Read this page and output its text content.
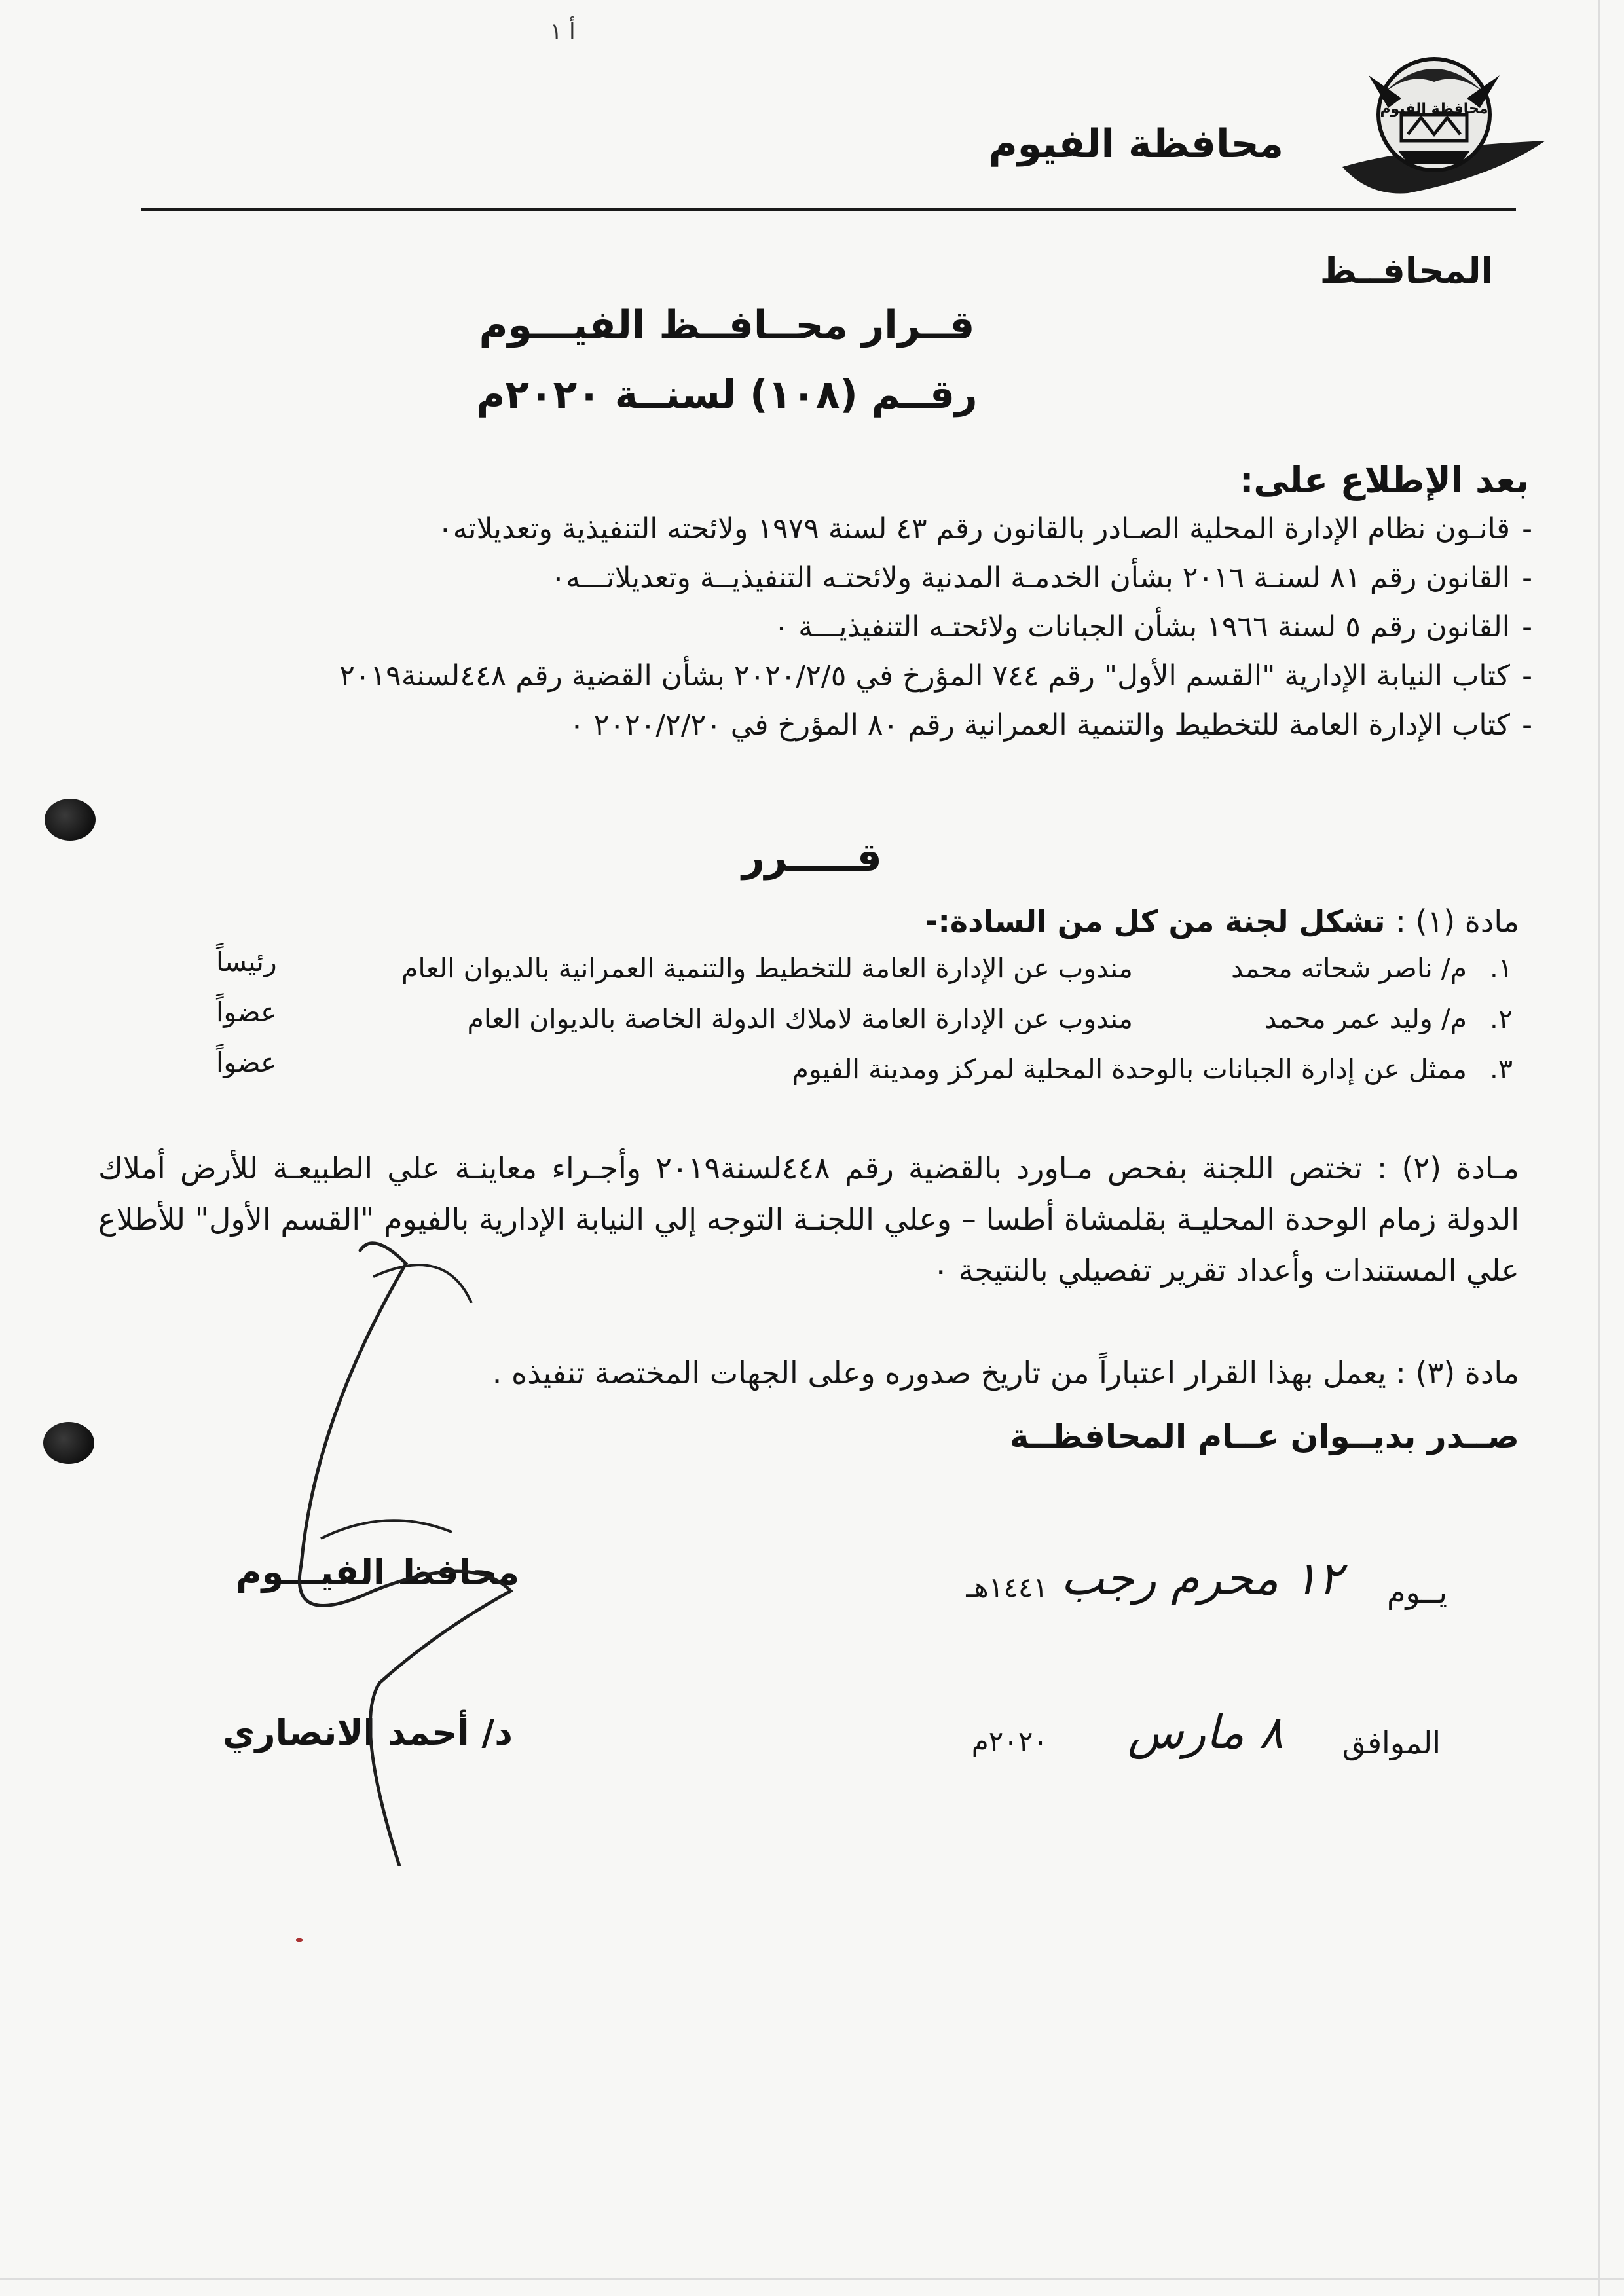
أ ١
محافظة الفيوم
محافظة الفيوم
المحافــظ
قــرار محــافــظ الفيـــوم
رقــم (١٠٨) لسنــة ٢٠٢٠م
بعد الإطلاع على:

- قانـون نظام الإدارة المحلية الصـادر بالقانون رقم ٤٣ لسنة ١٩٧٩ ولائحته التنفيذية وتعديلاته٠

- القانون رقم ٨١ لسنـة ٢٠١٦ بشأن الخدمـة المدنية ولائحتـه التنفيذيــة وتعديلاتـــه٠

- القانون رقم ٥ لسنة ١٩٦٦ بشأن الجبانات ولائحتـه التنفيذيـــة ٠

- كتاب النيابة الإدارية "القسم الأول" رقم ٧٤٤ المؤرخ في ٢٠٢٠/٢/٥ بشأن القضية رقم ٤٤٨لسنة٢٠١٩

- كتاب الإدارة العامة للتخطيط والتنمية العمرانية رقم ٨٠ المؤرخ في ٢٠٢٠/٢/٢٠ ٠

قـــــرر
مادة (١) : تشكل لجنة من كل من السادة:-
١.
م/ ناصر شحاته محمد
مندوب عن الإدارة العامة للتخطيط والتنمية العمرانية بالديوان العام
رئيساً
٢.
م/ وليد عمر محمد
مندوب عن الإدارة العامة لاملاك الدولة الخاصة بالديوان العام
عضواً
٣.
ممثل عن إدارة الجبانات بالوحدة المحلية لمركز ومدينة الفيوم
عضواً
مـادة (٢) : تختص اللجنة بفحص مـاورد بالقضية رقم ٤٤٨لسنة٢٠١٩ وأجـراء معاينـة علي الطبيعـة للأرض أملاك الدولة زمام الوحدة المحليـة بقلمشاة أطسا – وعلي اللجنـة التوجه إلي النيابة الإدارية بالفيوم "القسم الأول" للأطلاع علي المستندات وأعداد تقرير تفصيلي بالنتيجة ٠
مادة (٣) : يعمل بهذا القرار اعتباراً من تاريخ صدوره وعلى الجهات المختصة تنفيذه .
صــدر بديــوان عــام المحافظــة
يــوم
١٢ محرم رجب
١٤٤١هـ
الموافق
٨ مارس
٢٠٢٠م
محافظ الفيـــوم
د/ أحمد الانصاري
